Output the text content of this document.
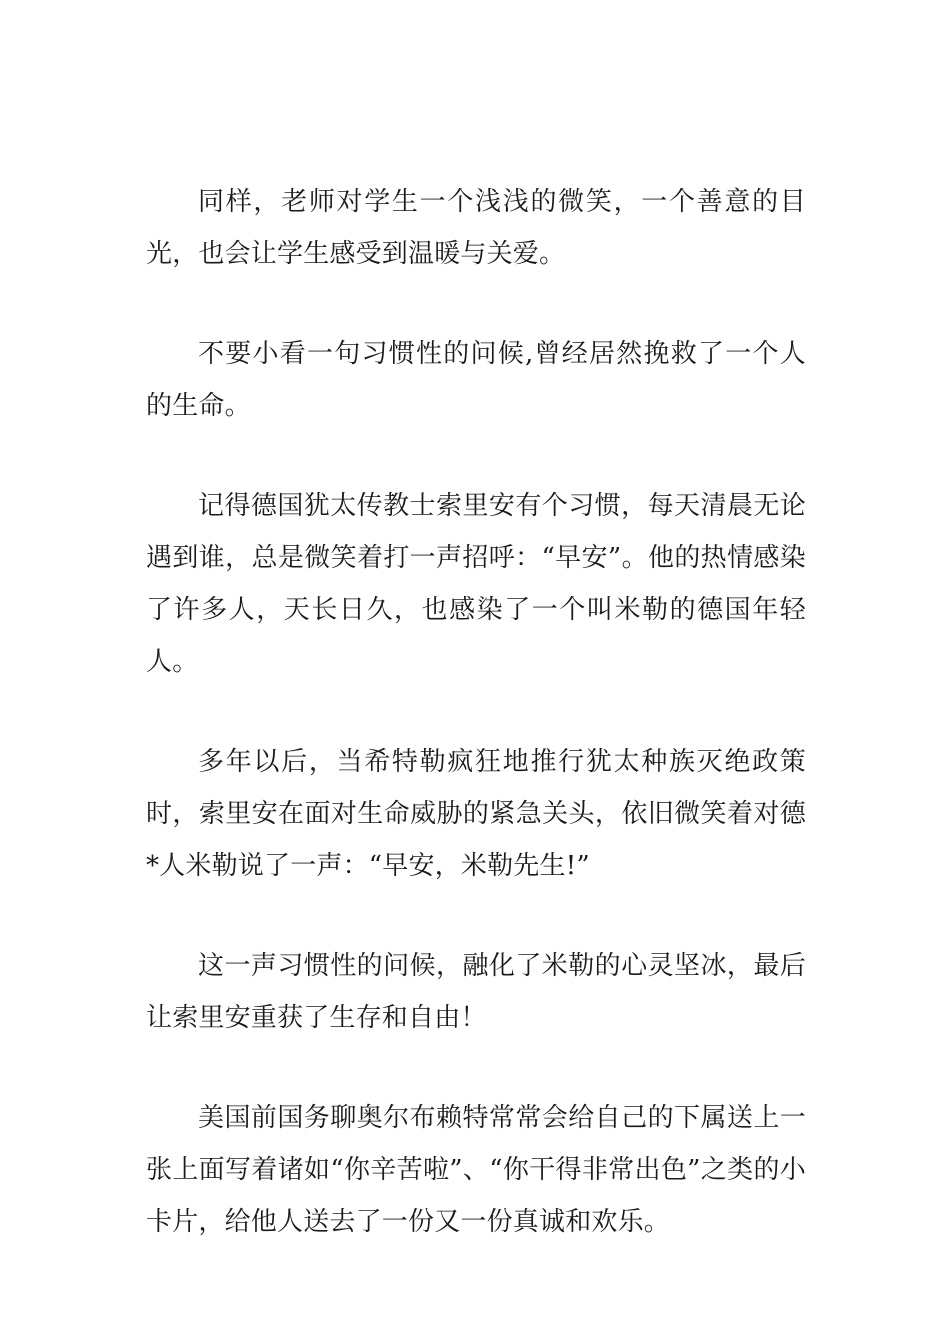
同样，老师对学生一个浅浅的微笑，一个善意的目光，也会让学生感受到温暖与关爱。

不要小看一句习惯性的问候,曾经居然挽救了一个人的生命。

记得德国犹太传教士索里安有个习惯，每天清晨无论遇到谁，总是微笑着打一声招呼：“早安”。他的热情感染了许多人，天长日久，也感染了一个叫米勒的德国年轻人。

多年以后，当希特勒疯狂地推行犹太种族灭绝政策时，索里安在面对生命威胁的紧急关头，依旧微笑着对德*人米勒说了一声：“早安，米勒先生!”

这一声习惯性的问候，融化了米勒的心灵坚冰，最后让索里安重获了生存和自由！

美国前国务聊奥尔布赖特常常会给自己的下属送上一张上面写着诸如“你辛苦啦”、“你干得非常出色”之类的小卡片，给他人送去了一份又一份真诚和欢乐。
